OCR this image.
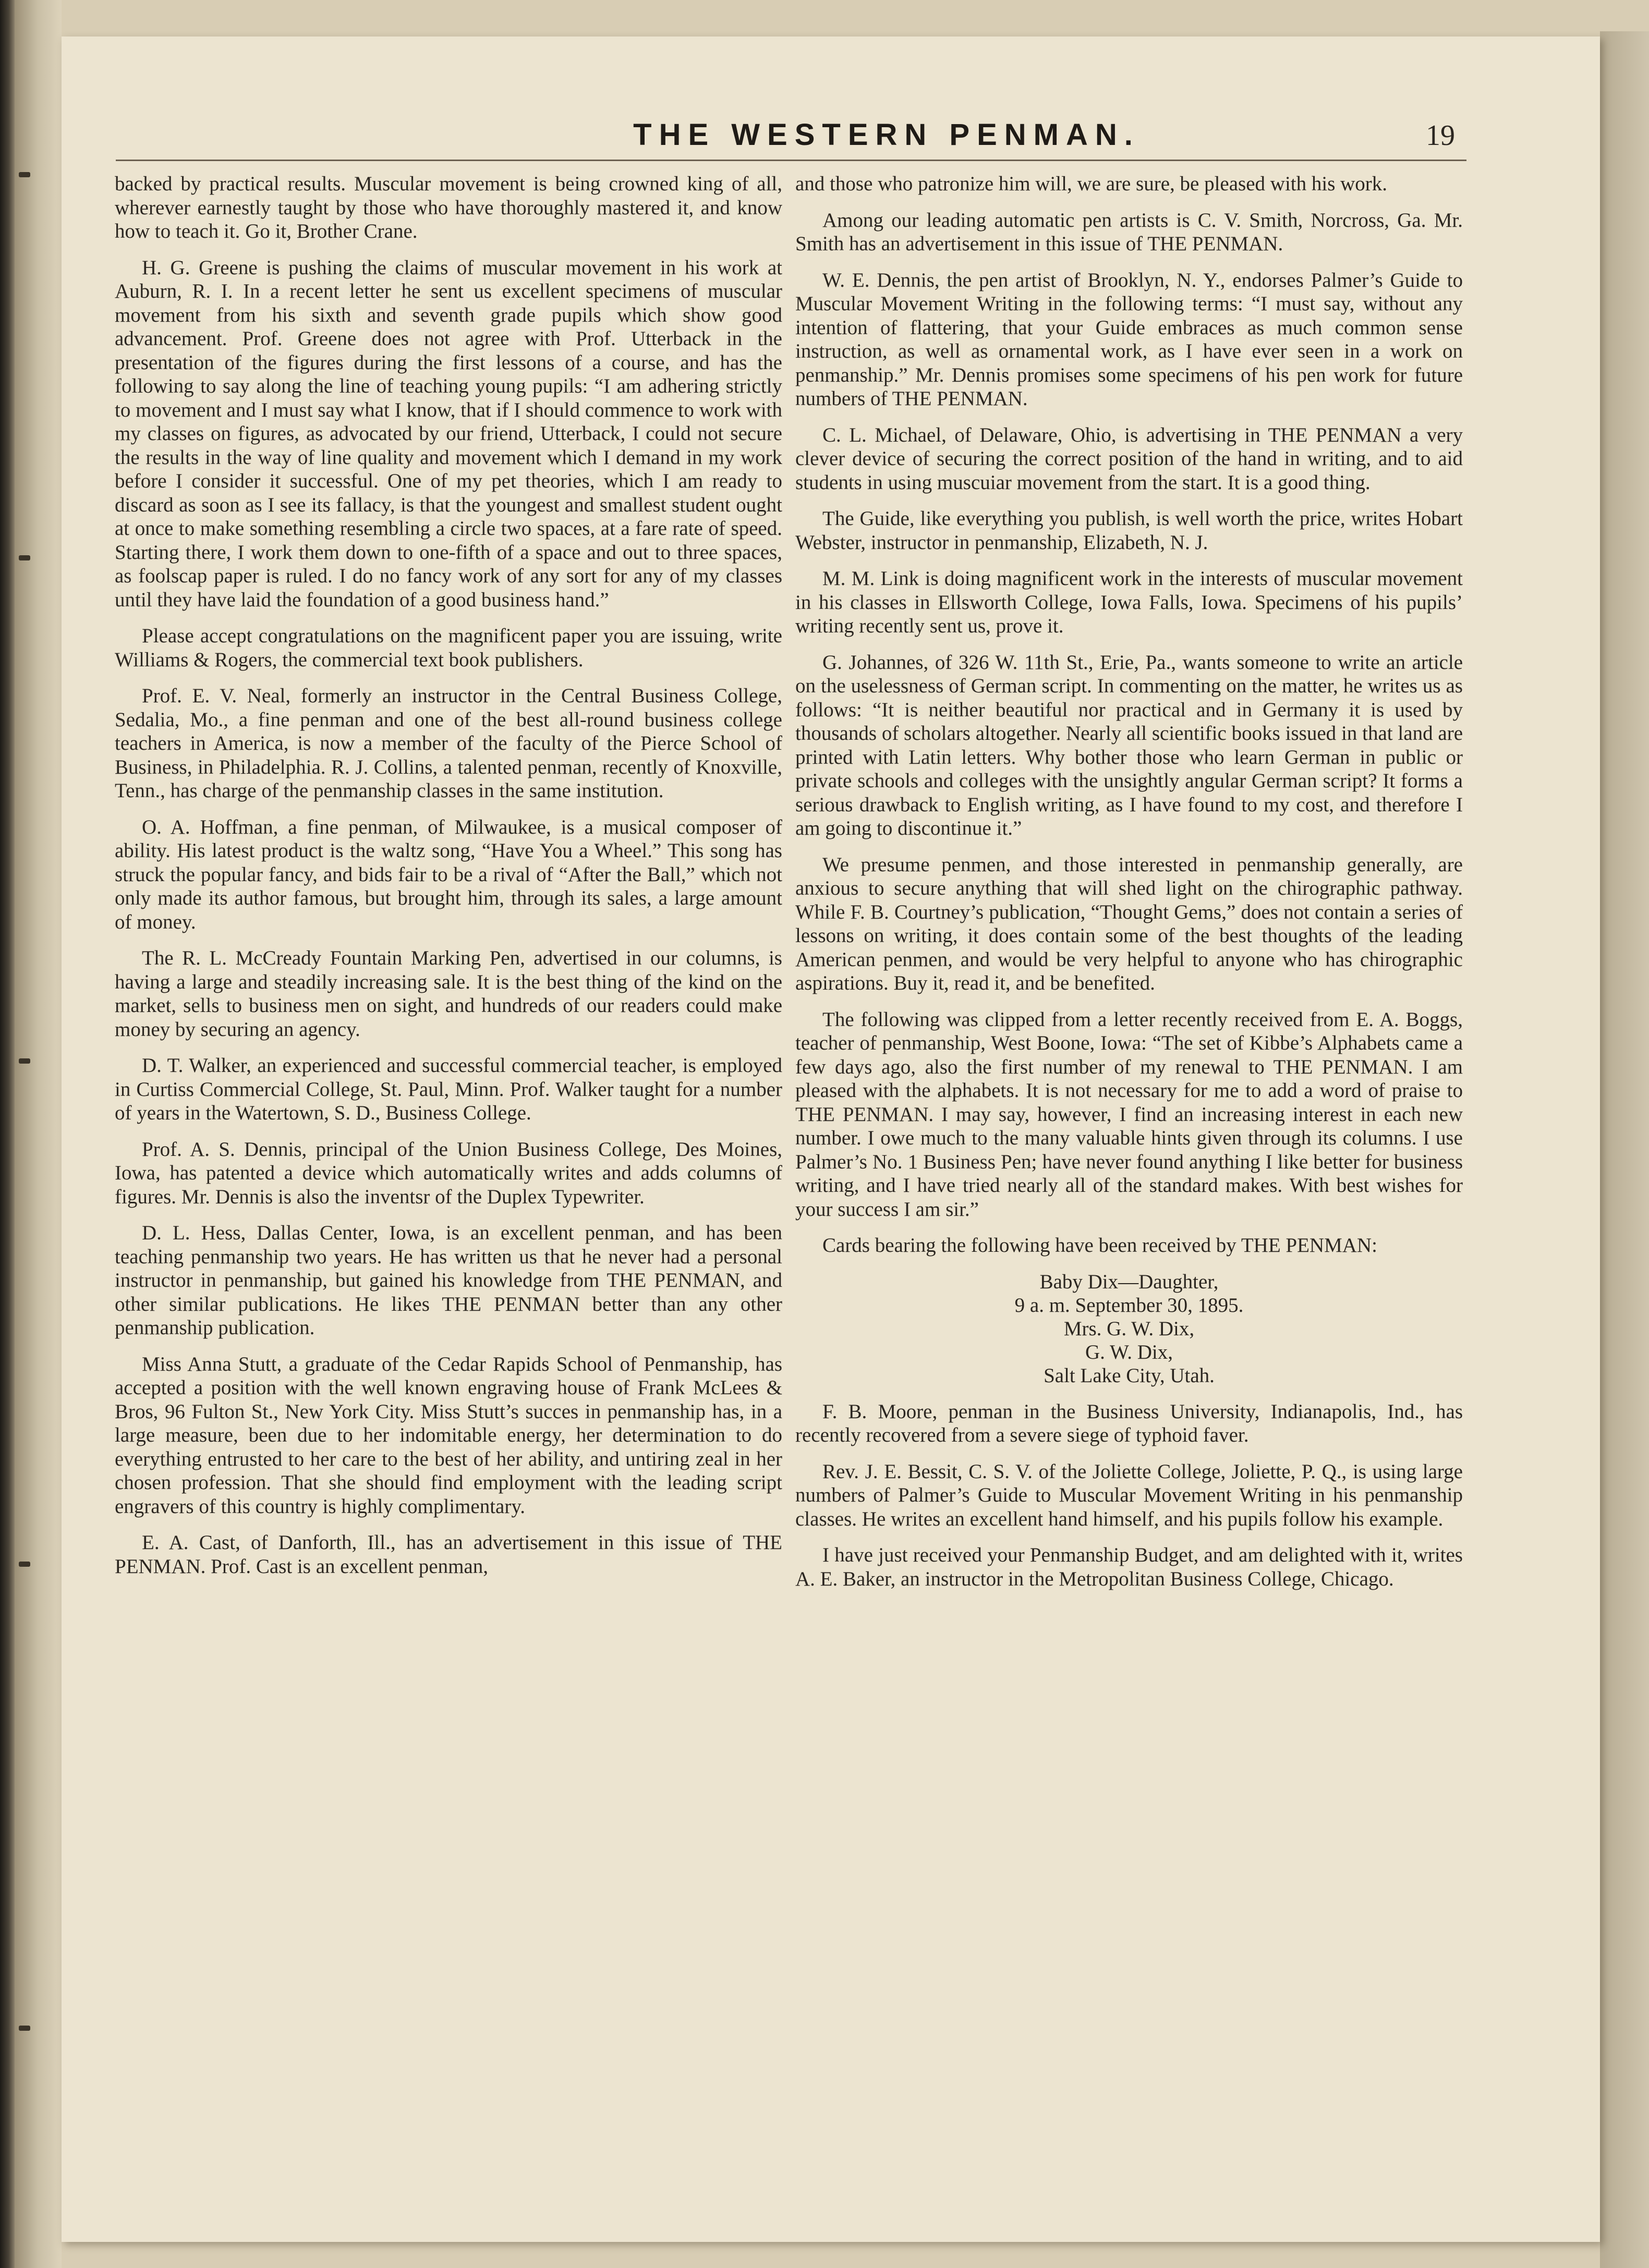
THE WESTERN PENMAN.	19

backed by practical results. Muscular movement is being crowned king of all, wherever earnestly taught by those who have thoroughly mastered it, and know how to teach it. Go it, Brother Crane.

H. G. Greene is pushing the claims of muscular movement in his work at Auburn, R. I. In a recent letter he sent us excellent specimens of muscular movement from his sixth and seventh grade pupils which show good advancement. Prof. Greene does not agree with Prof. Utterback in the presentation of the figures during the first lessons of a course, and has the following to say along the line of teaching young pupils: “I am adhering strictly to movement and I must say what I know, that if I should commence to work with my classes on figures, as advocated by our friend, Utterback, I could not secure the results in the way of line quality and movement which I demand in my work before I consider it successful. One of my pet theories, which I am ready to discard as soon as I see its fallacy, is that the youngest and smallest student ought at once to make something resembling a circle two spaces, at a fare rate of speed. Starting there, I work them down to one-fifth of a space and out to three spaces, as foolscap paper is ruled. I do no fancy work of any sort for any of my classes until they have laid the foundation of a good business hand.”

Please accept congratulations on the magnificent paper you are issuing, write Williams & Rogers, the commercial text book publishers.

Prof. E. V. Neal, formerly an instructor in the Central Business College, Sedalia, Mo., a fine penman and one of the best all-round business college teachers in America, is now a member of the faculty of the Pierce School of Business, in Philadelphia. R. J. Collins, a talented penman, recently of Knoxville, Tenn., has charge of the penmanship classes in the same institution.

O. A. Hoffman, a fine penman, of Milwaukee, is a musical composer of ability. His latest product is the waltz song, “Have You a Wheel.” This song has struck the popular fancy, and bids fair to be a rival of “After the Ball,” which not only made its author famous, but brought him, through its sales, a large amount of money.

The R. L. McCready Fountain Marking Pen, advertised in our columns, is having a large and steadily increasing sale. It is the best thing of the kind on the market, sells to business men on sight, and hundreds of our readers could make money by securing an agency.

D. T. Walker, an experienced and successful commercial teacher, is employed in Curtiss Commercial College, St. Paul, Minn. Prof. Walker taught for a number of years in the Watertown, S. D., Business College.

Prof. A. S. Dennis, principal of the Union Business College, Des Moines, Iowa, has patented a device which automatically writes and adds columns of figures. Mr. Dennis is also the inventsr of the Duplex Typewriter.

D. L. Hess, Dallas Center, Iowa, is an excellent penman, and has been teaching penmanship two years. He has written us that he never had a personal instructor in penmanship, but gained his knowledge from THE PENMAN, and other similar publications. He likes THE PENMAN better than any other penmanship publication.

Miss Anna Stutt, a graduate of the Cedar Rapids School of Penmanship, has accepted a position with the well known engraving house of Frank McLees & Bros, 96 Fulton St., New York City. Miss Stutt’s succes in penmanship has, in a large measure, been due to her indomitable energy, her determination to do everything entrusted to her care to the best of her ability, and untiring zeal in her chosen profession. That she should find employment with the leading script engravers of this country is highly complimentary.

E. A. Cast, of Danforth, Ill., has an advertisement in this issue of THE PENMAN. Prof. Cast is an excellent penman,

and those who patronize him will, we are sure, be pleased with his work.

Among our leading automatic pen artists is C. V. Smith, Norcross, Ga. Mr. Smith has an advertisement in this issue of THE PENMAN.

W. E. Dennis, the pen artist of Brooklyn, N. Y., endorses Palmer’s Guide to Muscular Movement Writing in the following terms: “I must say, without any intention of flattering, that your Guide embraces as much common sense instruction, as well as ornamental work, as I have ever seen in a work on penmanship.” Mr. Dennis promises some specimens of his pen work for future numbers of THE PENMAN.

C. L. Michael, of Delaware, Ohio, is advertising in THE PENMAN a very clever device of securing the correct position of the hand in writing, and to aid students in using muscuiar movement from the start. It is a good thing.

The Guide, like everything you publish, is well worth the price, writes Hobart Webster, instructor in penmanship, Elizabeth, N. J.

M. M. Link is doing magnificent work in the interests of muscular movement in his classes in Ellsworth College, Iowa Falls, Iowa. Specimens of his pupils’ writing recently sent us, prove it.

G. Johannes, of 326 W. 11th St., Erie, Pa., wants someone to write an article on the uselessness of German script. In commenting on the matter, he writes us as follows: “It is neither beautiful nor practical and in Germany it is used by thousands of scholars altogether. Nearly all scientific books issued in that land are printed with Latin letters. Why bother those who learn German in public or private schools and colleges with the unsightly angular German script? It forms a serious drawback to English writing, as I have found to my cost, and therefore I am going to discontinue it.”

We presume penmen, and those interested in penmanship generally, are anxious to secure anything that will shed light on the chirographic pathway. While F. B. Courtney’s publication, “Thought Gems,” does not contain a series of lessons on writing, it does contain some of the best thoughts of the leading American penmen, and would be very helpful to anyone who has chirographic aspirations. Buy it, read it, and be benefited.

The following was clipped from a letter recently received from E. A. Boggs, teacher of penmanship, West Boone, Iowa: “The set of Kibbe’s Alphabets came a few days ago, also the first number of my renewal to THE PENMAN. I am pleased with the alphabets. It is not necessary for me to add a word of praise to THE PENMAN. I may say, however, I find an increasing interest in each new number. I owe much to the many valuable hints given through its columns. I use Palmer’s No. 1 Business Pen; have never found anything I like better for business writing, and I have tried nearly all of the standard makes. With best wishes for your success I am sir.”

Cards bearing the following have been received by THE PENMAN:

Baby Dix—Daughter,
9 a. m. September 30, 1895.
Mrs. G. W. Dix,
G. W. Dix,
Salt Lake City, Utah.

F. B. Moore, penman in the Business University, Indianapolis, Ind., has recently recovered from a severe siege of typhoid faver.

Rev. J. E. Bessit, C. S. V. of the Joliette College, Joliette, P. Q., is using large numbers of Palmer’s Guide to Muscular Movement Writing in his penmanship classes. He writes an excellent hand himself, and his pupils follow his example.

I have just received your Penmanship Budget, and am delighted with it, writes A. E. Baker, an instructor in the Metropolitan Business College, Chicago.
